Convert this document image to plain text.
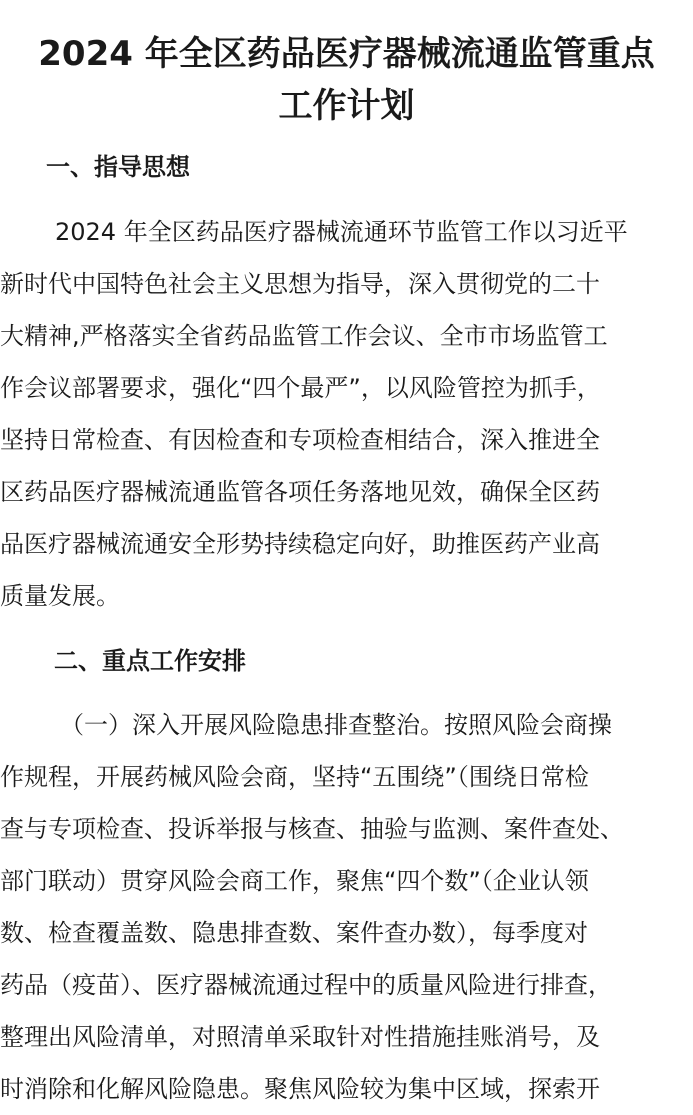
2024 年全区药品医疗器械流通监管重点
工作计划
一、指导思想
2024 年全区药品医疗器械流通环节监管工作以习近平
新时代中国特色社会主义思想为指导，深入贯彻党的二十
大精神,严格落实全省药品监管工作会议、全市市场监管工
作会议部署要求，强化“四个最严”，以风险管控为抓手，
坚持日常检查、有因检查和专项检查相结合，深入推进全
区药品医疗器械流通监管各项任务落地见效，确保全区药
品医疗器械流通安全形势持续稳定向好，助推医药产业高
质量发展。
二、重点工作安排
（一）深入开展风险隐患排查整治。按照风险会商操
作规程，开展药械风险会商，坚持“五围绕”（围绕日常检
查与专项检查、投诉举报与核查、抽验与监测、案件查处、
部门联动）贯穿风险会商工作，聚焦“四个数”（企业认领
数、检查覆盖数、隐患排查数、案件查办数），每季度对
药品（疫苗）、医疗器械流通过程中的质量风险进行排查，
整理出风险清单，对照清单采取针对性措施挂账消号，及
时消除和化解风险隐患。聚焦风险较为集中区域，探索开
